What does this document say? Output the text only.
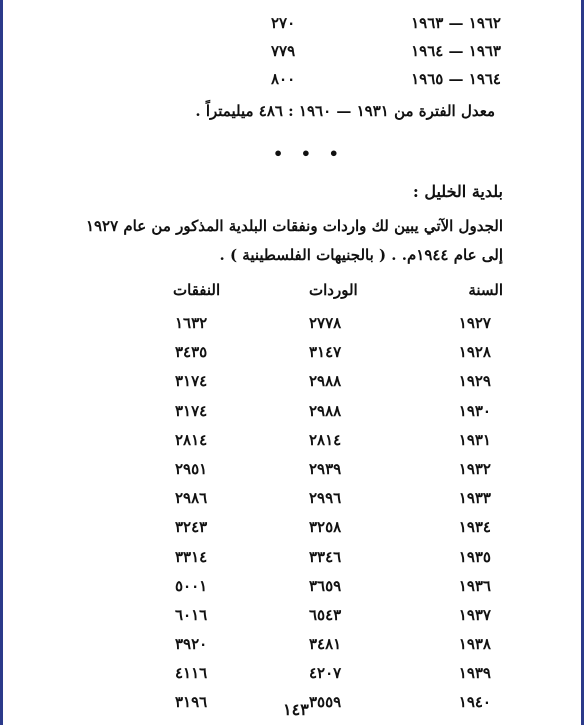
١٩٦٢ — ١٩٦٣
٢٧٠
١٩٦٣ — ١٩٦٤
٧٧٩
١٩٦٤ — ١٩٦٥
٨٠٠
معدل الفترة من ١٩٣١ — ١٩٦٠ : ٤٨٦ ميليمتراً .
• • •
بلدية الخليل :
الجدول الآتي يبين لك واردات ونفقات البلدية المذكور من عام ١٩٢٧
إلى عام ١٩٤٤م. . ( بالجنيهات الفلسطينية ) .
السنة
الوردات
النفقات
١٩٢٧
٢٧٧٨
١٦٣٢
١٩٢٨
٣١٤٧
٣٤٣٥
١٩٢٩
٢٩٨٨
٣١٧٤
١٩٣٠
٢٩٨٨
٣١٧٤
١٩٣١
٢٨١٤
٢٨١٤
١٩٣٢
٢٩٣٩
٢٩٥١
١٩٣٣
٢٩٩٦
٢٩٨٦
١٩٣٤
٣٢٥٨
٣٢٤٣
١٩٣٥
٣٣٤٦
٣٣١٤
١٩٣٦
٣٦٥٩
٥٠٠١
١٩٣٧
٦٥٤٣
٦٠١٦
١٩٣٨
٣٤٨١
٣٩٢٠
١٩٣٩
٤٢٠٧
٤١١٦
١٩٤٠
٣٥٥٩
٣١٩٦	١٤٣
